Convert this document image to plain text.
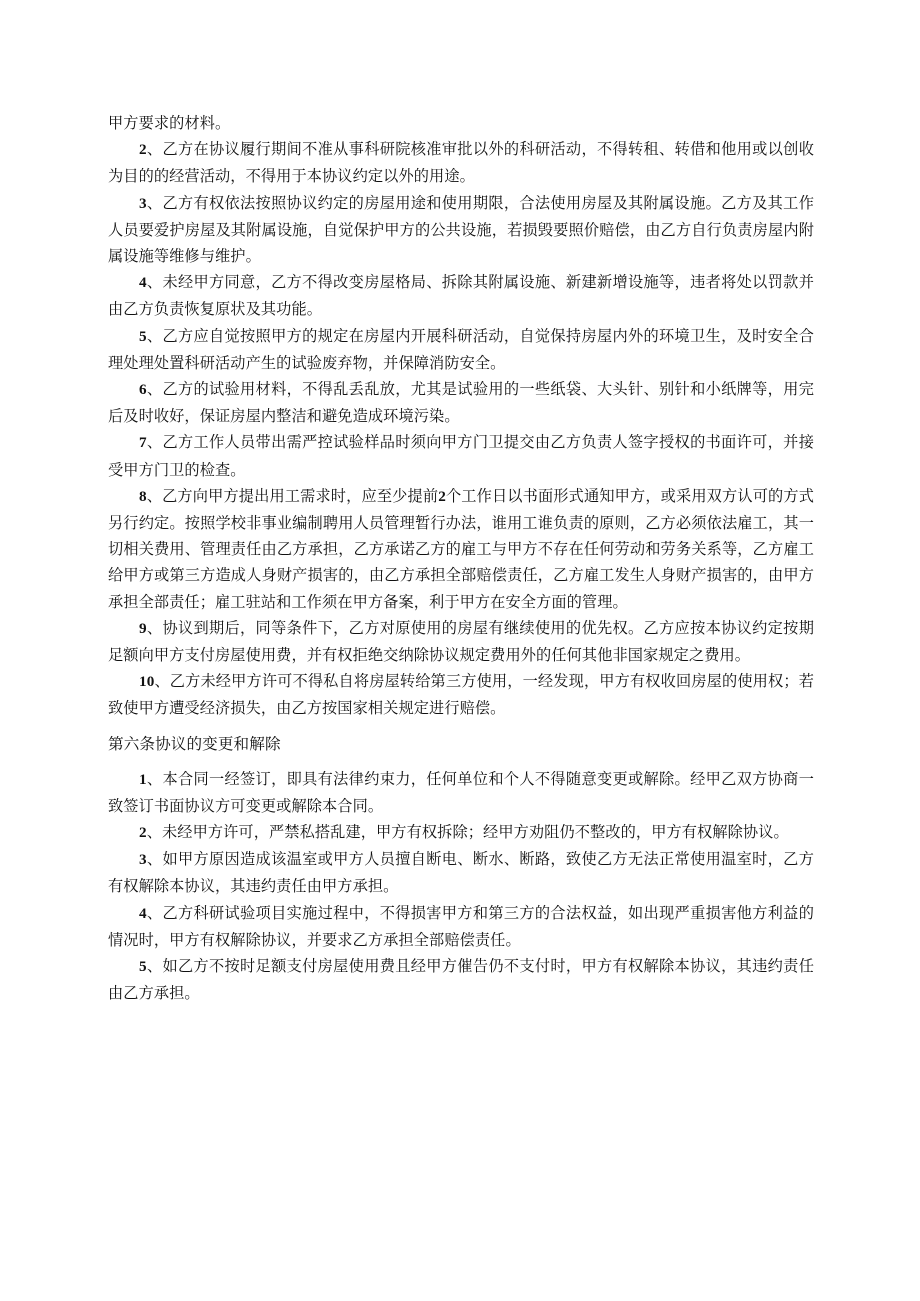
甲方要求的材料。

2、乙方在协议履行期间不准从事科研院核准审批以外的科研活动，不得转租、转借和他用或以创收为目的的经营活动，不得用于本协议约定以外的用途。

3、乙方有权依法按照协议约定的房屋用途和使用期限，合法使用房屋及其附属设施。乙方及其工作人员要爱护房屋及其附属设施，自觉保护甲方的公共设施，若损毁要照价赔偿，由乙方自行负责房屋内附属设施等维修与维护。

4、未经甲方同意，乙方不得改变房屋格局、拆除其附属设施、新建新增设施等，违者将处以罚款并由乙方负责恢复原状及其功能。

5、乙方应自觉按照甲方的规定在房屋内开展科研活动，自觉保持房屋内外的环境卫生，及时安全合理处理处置科研活动产生的试验废弃物，并保障消防安全。

6、乙方的试验用材料，不得乱丢乱放，尤其是试验用的一些纸袋、大头针、别针和小纸牌等，用完后及时收好，保证房屋内整洁和避免造成环境污染。

7、乙方工作人员带出需严控试验样品时须向甲方门卫提交由乙方负责人签字授权的书面许可，并接受甲方门卫的检查。

8、乙方向甲方提出用工需求时，应至少提前2个工作日以书面形式通知甲方，或采用双方认可的方式另行约定。按照学校非事业编制聘用人员管理暂行办法，谁用工谁负责的原则，乙方必须依法雇工，其一切相关费用、管理责任由乙方承担，乙方承诺乙方的雇工与甲方不存在任何劳动和劳务关系等，乙方雇工给甲方或第三方造成人身财产损害的，由乙方承担全部赔偿责任，乙方雇工发生人身财产损害的，由甲方承担全部责任；雇工驻站和工作须在甲方备案，利于甲方在安全方面的管理。

9、协议到期后，同等条件下，乙方对原使用的房屋有继续使用的优先权。乙方应按本协议约定按期足额向甲方支付房屋使用费，并有权拒绝交纳除协议规定费用外的任何其他非国家规定之费用。

10、乙方未经甲方许可不得私自将房屋转给第三方使用，一经发现，甲方有权收回房屋的使用权；若致使甲方遭受经济损失，由乙方按国家相关规定进行赔偿。

第六条协议的变更和解除

1、本合同一经签订，即具有法律约束力，任何单位和个人不得随意变更或解除。经甲乙双方协商一致签订书面协议方可变更或解除本合同。

2、未经甲方许可，严禁私搭乱建，甲方有权拆除；经甲方劝阻仍不整改的，甲方有权解除协议。

3、如甲方原因造成该温室或甲方人员擅自断电、断水、断路，致使乙方无法正常使用温室时，乙方有权解除本协议，其违约责任由甲方承担。

4、乙方科研试验项目实施过程中，不得损害甲方和第三方的合法权益，如出现严重损害他方利益的情况时，甲方有权解除协议，并要求乙方承担全部赔偿责任。

5、如乙方不按时足额支付房屋使用费且经甲方催告仍不支付时，甲方有权解除本协议，其违约责任由乙方承担。
